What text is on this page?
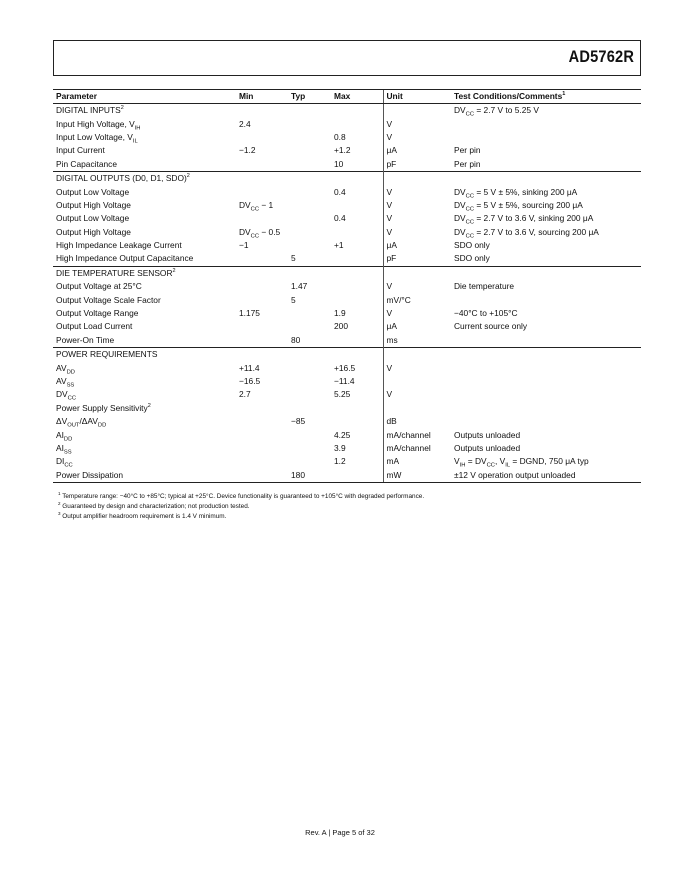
AD5762R
Parameter	Min	Typ	Max	Unit	Test Conditions/Comments$^1$
DIGITAL INPUTS$^2$					$DV_{CC} = 2.7$ V to 5.25 V
Input High Voltage, $V_{IH}$	2.4			V	
Input Low Voltage, $V_{IL}$			0.8	V	
Input Current	−1.2		+1.2	μA	Per pin
Pin Capacitance			10	pF	Per pin
DIGITAL OUTPUTS (D0, D1, SDO)$^2$					
Output Low Voltage			0.4	V	$DV_{CC} = 5$ V ± 5%, sinking 200 μA
Output High Voltage	$DV_{CC} - 1$			V	$DV_{CC} = 5$ V ± 5%, sourcing 200 μA
Output Low Voltage			0.4	V	$DV_{CC} = 2.7$ V to 3.6 V, sinking 200 μA
Output High Voltage	$DV_{CC} - 0.5$			V	$DV_{CC} = 2.7$ V to 3.6 V, sourcing 200 μA
High Impedance Leakage Current	−1		+1	μA	SDO only
High Impedance Output Capacitance		5		pF	SDO only
DIE TEMPERATURE SENSOR$^2$					
Output Voltage at 25°C		1.47		V	Die temperature
Output Voltage Scale Factor		5		mV/°C	
Output Voltage Range	1.175		1.9	V	−40°C to +105°C
Output Load Current			200	μA	Current source only
Power-On Time		80		ms	
POWER REQUIREMENTS					
$AV_{DD}$	+11.4		+16.5	V	
$AV_{SS}$	−16.5		−11.4		
$DV_{CC}$	2.7		5.25	V	
Power Supply Sensitivity$^2$					
$\Delta V_{OUT}/\Delta AV_{DD}$		−85		dB	
$AI_{DD}$			4.25	mA/channel	Outputs unloaded
$AI_{SS}$			3.9	mA/channel	Outputs unloaded
$DI_{CC}$			1.2	mA	$V_{IH} = DV_{CC}$, $V_{IL}$ = DGND, 750 μA typ
Power Dissipation		180		mW	±12 V operation output unloaded
$^1$ Temperature range: −40°C to +85°C; typical at +25°C. Device functionality is guaranteed to +105°C with degraded performance.
$^2$ Guaranteed by design and characterization; not production tested.
$^3$ Output amplifier headroom requirement is 1.4 V minimum.
Rev. A | Page 5 of 32
